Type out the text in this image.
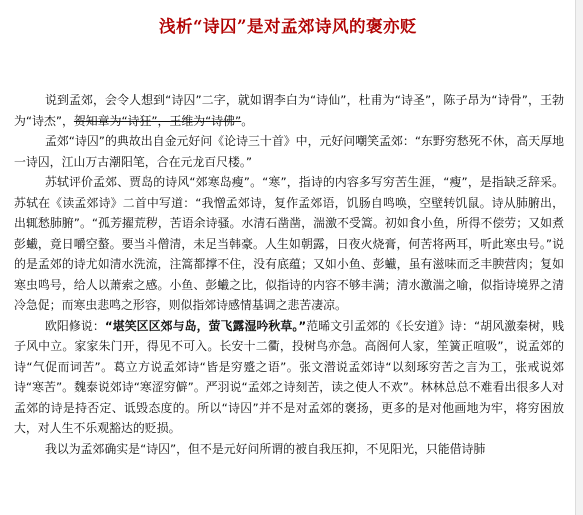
浅析“诗囚”是对孟郊诗风的褒亦贬

说到孟郊，会令人想到“诗囚”二字，就如谓李白为“诗仙”，杜甫为“诗圣”，陈子昂为“诗骨”，王勃为“诗杰”，贺知章为“诗狂”，王维为“诗佛”。

孟郊“诗囚”的典故出自金元好问《论诗三十首》中，元好问嘲笑孟郊：“东野穷愁死不休，高天厚地一诗囚，江山万古潮阳笔，合在元龙百尺楼。”

苏轼评价孟郊、贾岛的诗风“郊寒岛瘦”。“寒”，指诗的内容多写穷苦生涯，“瘦”，是指缺乏辞采。苏轼在《读孟郊诗》二首中写道：“我憎孟郊诗，复作孟郊语，饥肠自鸣唤，空壁转饥鼠。诗从肺腑出，出辄愁肺腑”。“孤芳擢荒秽，苦语余诗骚。水清石凿凿，湍激不受篙。初如食小鱼，所得不偿劳；又如煮彭蠘，竟日嚼空螯。要当斗僧清，未足当韩豪。人生如朝露，日夜火烧膏，何苦将两耳，听此寒虫号。”说的是孟郊的诗尤如清水洗流，注篙都撑不住，没有底蕴；又如小鱼、彭蠘，虽有滋味而乏丰腴营肉；复如寒虫鸣号，给人以萧索之感。小鱼、彭蠘之比，似指诗的内容不够丰满；清水激湍之喻，似指诗境界之清冷急促；而寒虫悲鸣之形容，则似指郊诗感情基调之悲苦凄凉。

欧阳修说：“堪笑区区郊与岛，萤飞露湿吟秋草。”范晞文引孟郊的《长安道》诗：“胡风激秦树，贱子风中立。家家朱门开，得见不可入。长安十二衢，投树鸟亦急。高阁何人家，笙簧正喧吸”，说孟郊的诗“气促而词苦”。葛立方说孟郊诗“皆是穷蹙之语”。张文潜说孟郊诗“以刻琢穷苦之言为工，张戒说郊诗“寒苦”。魏泰说郊诗“寒涩穷僻”。严羽说“孟郊之诗刻苦，读之使人不欢”。林林总总不难看出很多人对孟郊的诗是持否定、诋毁态度的。所以“诗囚”并不是对孟郊的褒扬，更多的是对他画地为牢，将穷困放大，对人生不乐观豁达的贬损。

我以为孟郊确实是“诗囚”，但不是元好问所谓的被自我压抑，不见阳光，只能借诗肺
